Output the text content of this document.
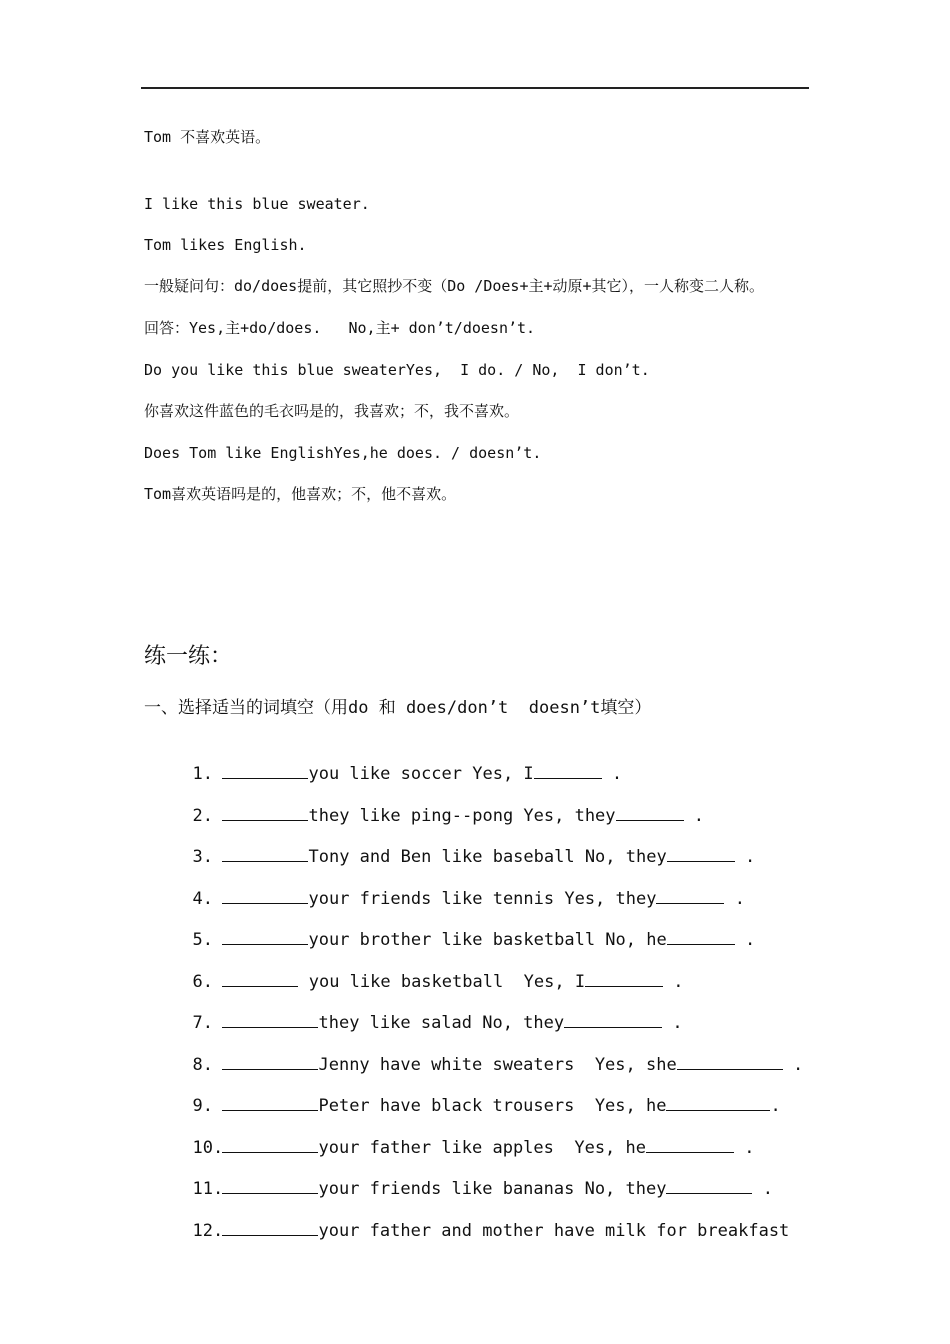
Tom 不喜欢英语。
I like this blue sweater.
Tom likes English.
一般疑问句：do/does提前，其它照抄不变（Do /Does+主+动原+其它），一人称变二人称。
回答：Yes,主+do/does.   No,主+ don’t/doesn’t.
Do you like this blue sweaterYes,  I do. / No,  I don’t.
你喜欢这件蓝色的毛衣吗是的，我喜欢；不，我不喜欢。
Does Tom like EnglishYes,he does. / doesn’t.
Tom喜欢英语吗是的，他喜欢；不，他不喜欢。
练一练：
一、选择适当的词填空（用do 和 does/don’t  doesn’t填空）

1.	you like soccer Yes, I	.

2.	they like ping--pong Yes, they	.

3.	Tony and Ben like baseball No, they	.

4.	your friends like tennis Yes, they	.

5.	your brother like basketball No, he	.

6.	you like basketball  Yes, I	.

7.	they like salad No, they	.

8.	Jenny have white sweaters  Yes, she	.

9.	Peter have black trousers  Yes, he	.

10.	your father like apples  Yes, he	.

11.	your friends like bananas No, they	.

12.	your father and mother have milk for breakfast
